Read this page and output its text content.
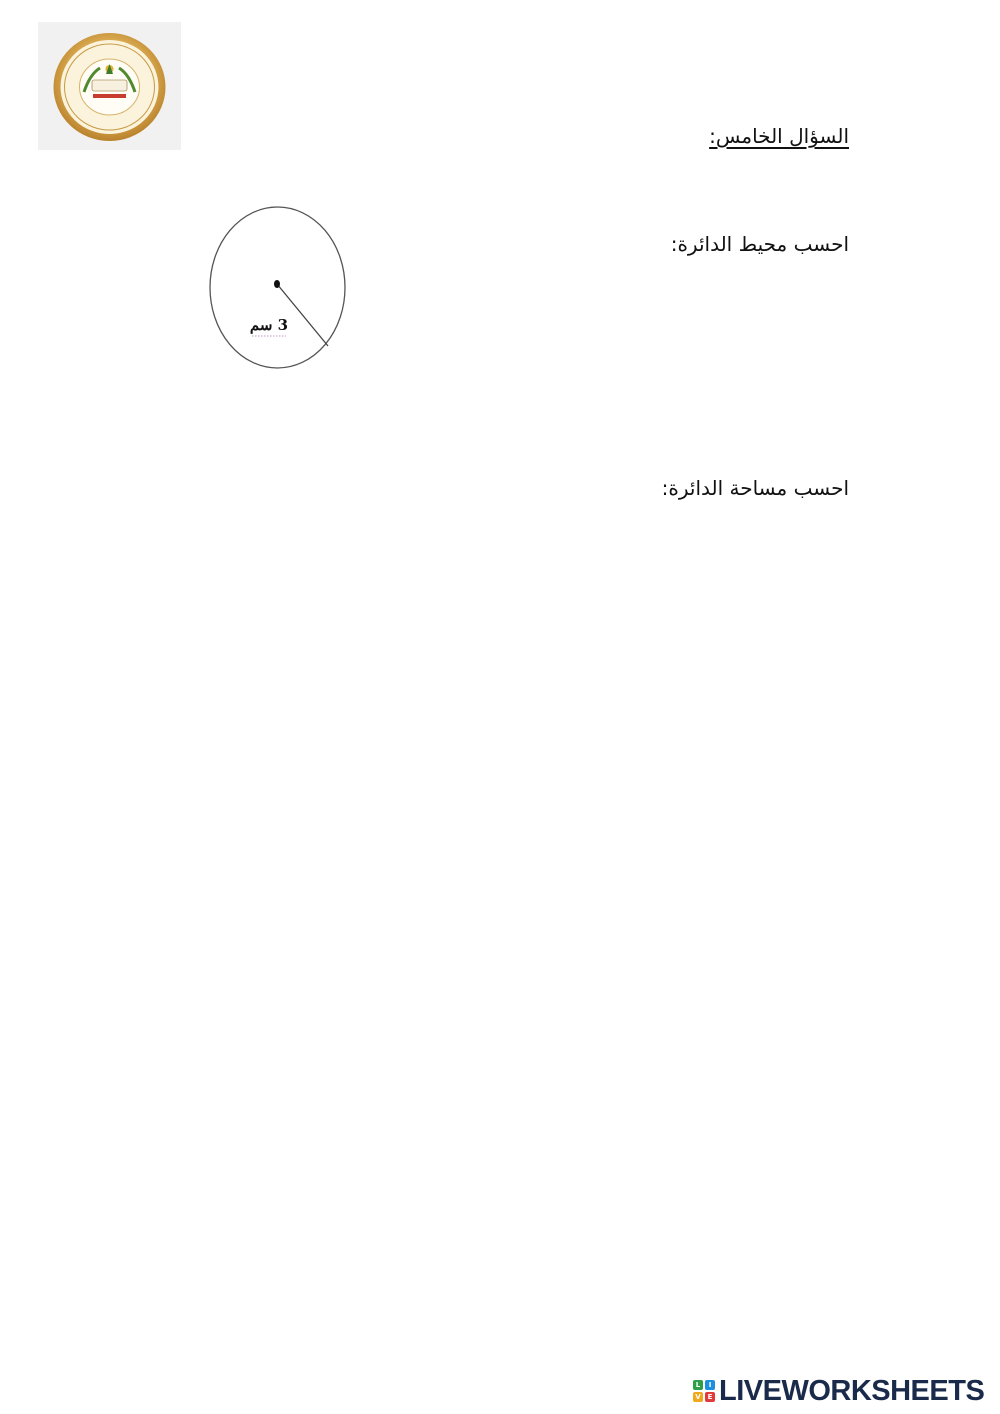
السؤال الخامس:
احسب محيط الدائرة:
3 سم
احسب مساحة الدائرة:
L	I
V E LIVEWORKSHEETS
